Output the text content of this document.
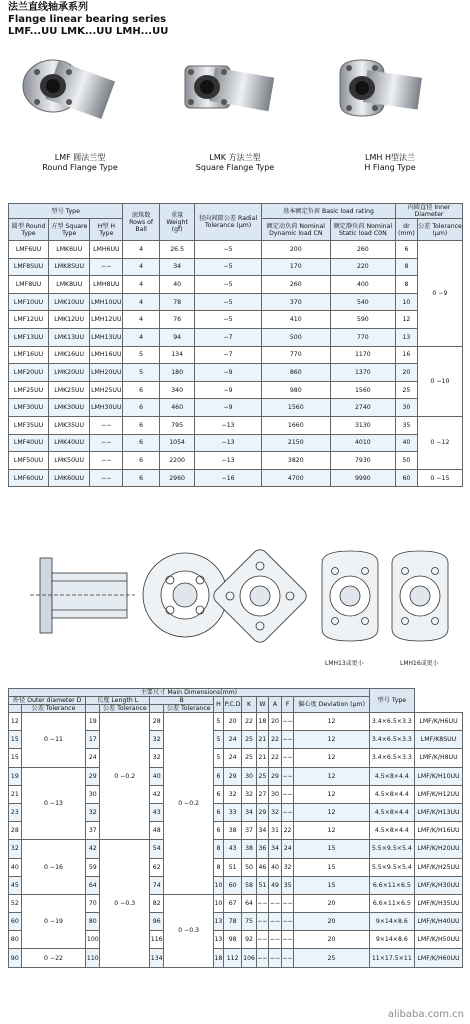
法兰直线轴承系列
Flange linear bearing series
LMF...UU LMK...UU LMH...UU
LMF 圆法兰型
Round Flange Type
LMK 方法兰型
Square Flange Type
LMH H型法兰
H Flang Type
型号 Type			滚珠数 Rows of Ball	重量 Weight (gf)	径向间隙公差 Radial Tolerance (μm)	基本额定负荷 Basic load rating		内圆直径 Inner Diameter	
圆型 Round Type	方型 Square Type	H型 H Type				额定动负荷 Nominal Dynamic load CN	额定静负荷 Nominal Static load C0N	dr (mm)	公差 Tolerance (μm)
LMF6UU	LMK6UU	LMH6UU	4	26.5	−5	200	260	6	0 −9
LMF8SUU	LMK8SUU	−−	4	34	−5	170	220	8	
LMF8UU	LMK8UU	LMH8UU	4	40	−5	260	400	8	
LMF10UU	LMK10UU	LMH10UU	4	78	−5	370	540	10	
LMF12UU	LMK12UU	LMH12UU	4	76	−5	410	590	12	
LMF13UU	LMK13UU	LMH13UU	4	94	−7	500	770	13	
LMF16UU	LMK16UU	LMH16UU	5	134	−7	770	1170	16	0 −10
LMF20UU	LMK20UU	LMH20UU	5	180	−9	860	1370	20	
LMF25UU	LMK25UU	LMH25UU	6	340	−9	980	1560	25	
LMF30UU	LMK30UU	LMH30UU	6	460	−9	1560	2740	30	
LMF35UU	LMK35UU	−−	6	795	−13	1660	3130	35	0 −12
LMF40UU	LMK40UU	−−	6	1054	−13	2150	4010	40	
LMF50UU	LMK50UU	−−	6	2200	−13	3820	7930	50	
LMF60UU	LMK60UU	−−	6	2960	−16	4700	9990	60	0 −15
LMH13或更小	LMH16或更小
主要尺寸 Main Dimensions(mm)													型号 Type	
外径 Outer diameter D		长度 Length L		B		H	P.C.D	K	W	A	F	偏心度 Deviation (μm)		
	公差 Tolerance		公差 Tolerance		公差 Tolerance									
12	0 −11	19	0 −0.2	28	0 −0.2	5	20	22	18	20	−−	12	3.4×6.5×3.3	LMF/K/H6UU
15		17		32		5	24	25	21	22	−−	12	3.4×6.5×3.3	LMF/K8SUU
15		24		32		5	24	25	21	22	−−	12	3.4×6.5×3.3	LMF/K/H8UU
19	0 −13	29		40		6	29	30	25	29	−−	12	4.5×8×4.4	LMF/K/H10UU
21		30		42		6	32	32	27	30	−−	12	4.5×8×4.4	LMF/K/H12UU
23		32		43		6	33	34	29	32	−−	12	4.5×8×4.4	LMF/K/H13UU
28		37		48		6	38	37	34	31	22	12	4.5×8×4.4	LMF/K/H16UU
32	0 −16	42	0 −0.3	54		8	43	38	36	34	24	15	5.5×9.5×5.4	LMF/K/H20UU
40		59		62		8	51	50	46	40	32	15	5.5×9.5×5.4	LMF/K/H25UU
45		64		74		10	60	58	51	49	35	15	6.6×11×6.5	LMF/K/H30UU
52	0 −19	70		82	0 −0.3	10	67	64	−−	−−	−−	20	6.6×11×6.5	LMF/K/H35UU
60		80		96		13	78	75	−−	−−	−−	20	9×14×8.6	LMF/K/H40UU
80		100		116		13	98	92	−−	−−	−−	20	9×14×8.6	LMF/K/H50UU
90	0 −22	110		134		18	112	106	−−	−−	−−	25	11×17.5×11	LMF/K/H60UU
alibaba.com.cn
